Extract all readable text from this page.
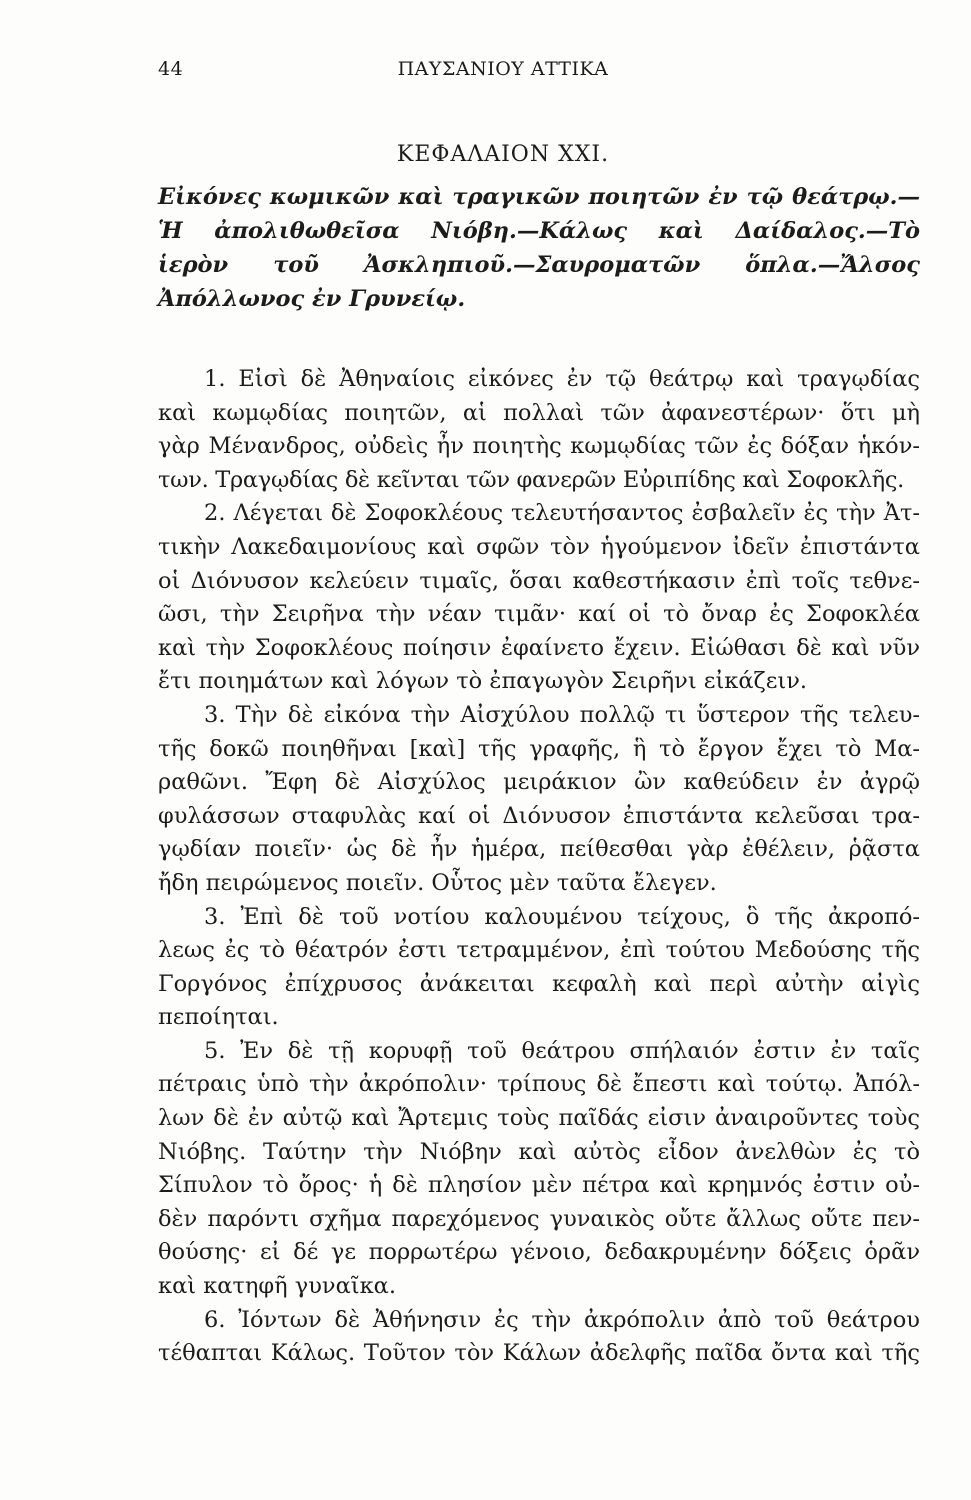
44	ΠΑΥΣΑΝΙΟΥ ΑΤΤΙΚΑ
ΚΕΦΑΛΑΙΟΝ XXI.
Εἰκόνες κωμικῶν καὶ τραγικῶν ποιητῶν ἐν τῷ θεάτρῳ.—
Ἡ ἀπολιθωθεῖσα Νιόβη.—Κάλως καὶ Δαίδαλος.—Τὸ
ἱερὸν τοῦ Ἀσκληπιοῦ.—Σαυροματῶν ὅπλα.—Ἄλσος
Ἀπόλλωνος ἐν Γρυνείῳ.
1. Εἰσὶ δὲ Ἀθηναίοις εἰκόνες ἐν τῷ θεάτρῳ καὶ τραγῳδίας
καὶ κωμῳδίας ποιητῶν, αἱ πολλαὶ τῶν ἀφανεστέρων· ὅτι μὴ
γὰρ Μένανδρος, οὐδεὶς ἦν ποιητὴς κωμῳδίας τῶν ἐς δόξαν ἡκόν-
των. Τραγῳδίας δὲ κεῖνται τῶν φανερῶν Εὐριπίδης καὶ Σοφοκλῆς.
2. Λέγεται δὲ Σοφοκλέους τελευτήσαντος ἐσβαλεῖν ἐς τὴν Ἀτ-
τικὴν Λακεδαιμονίους καὶ σφῶν τὸν ἡγούμενον ἰδεῖν ἐπιστάντα
οἱ Διόνυσον κελεύειν τιμαῖς, ὅσαι καθεστήκασιν ἐπὶ τοῖς τεθνε-
ῶσι, τὴν Σειρῆνα τὴν νέαν τιμᾶν· καί οἱ τὸ ὄναρ ἐς Σοφοκλέα
καὶ τὴν Σοφοκλέους ποίησιν ἐφαίνετο ἔχειν. Εἰώθασι δὲ καὶ νῦν
ἔτι ποιημάτων καὶ λόγων τὸ ἐπαγωγὸν Σειρῆνι εἰκάζειν.
3. Τὴν δὲ εἰκόνα τὴν Αἰσχύλου πολλῷ τι ὕστερον τῆς τελευ-
τῆς δοκῶ ποιηθῆναι [καὶ] τῆς γραφῆς, ἣ τὸ ἔργον ἔχει τὸ Μα-
ραθῶνι. Ἔφη δὲ Αἰσχύλος μειράκιον ὢν καθεύδειν ἐν ἀγρῷ
φυλάσσων σταφυλὰς καί οἱ Διόνυσον ἐπιστάντα κελεῦσαι τρα-
γῳδίαν ποιεῖν· ὡς δὲ ἦν ἡμέρα, πείθεσθαι γὰρ ἐθέλειν, ῥᾷστα
ἤδη πειρώμενος ποιεῖν. Οὗτος μὲν ταῦτα ἔλεγεν.
3. Ἐπὶ δὲ τοῦ νοτίου καλουμένου τείχους, ὃ τῆς ἀκροπό-
λεως ἐς τὸ θέατρόν ἐστι τετραμμένον, ἐπὶ τούτου Μεδούσης τῆς
Γοργόνος ἐπίχρυσος ἀνάκειται κεφαλὴ καὶ περὶ αὐτὴν αἰγὶς
πεποίηται.
5. Ἐν δὲ τῇ κορυφῇ τοῦ θεάτρου σπήλαιόν ἐστιν ἐν ταῖς
πέτραις ὑπὸ τὴν ἀκρόπολιν· τρίπους δὲ ἔπεστι καὶ τούτῳ. Ἀπόλ-
λων δὲ ἐν αὐτῷ καὶ Ἄρτεμις τοὺς παῖδάς εἰσιν ἀναιροῦντες τοὺς
Νιόβης. Ταύτην τὴν Νιόβην καὶ αὐτὸς εἶδον ἀνελθὼν ἐς τὸ
Σίπυλον τὸ ὄρος· ἡ δὲ πλησίον μὲν πέτρα καὶ κρημνός ἐστιν οὐ-
δὲν παρόντι σχῆμα παρεχόμενος γυναικὸς οὔτε ἄλλως οὔτε πεν-
θούσης· εἰ δέ γε πορρωτέρω γένοιο, δεδακρυμένην δόξεις ὁρᾶν
καὶ κατηφῆ γυναῖκα.
6. Ἰόντων δὲ Ἀθήνησιν ἐς τὴν ἀκρόπολιν ἀπὸ τοῦ θεάτρου
τέθαπται Κάλως. Τοῦτον τὸν Κάλων ἀδελφῆς παῖδα ὄντα καὶ τῆς
